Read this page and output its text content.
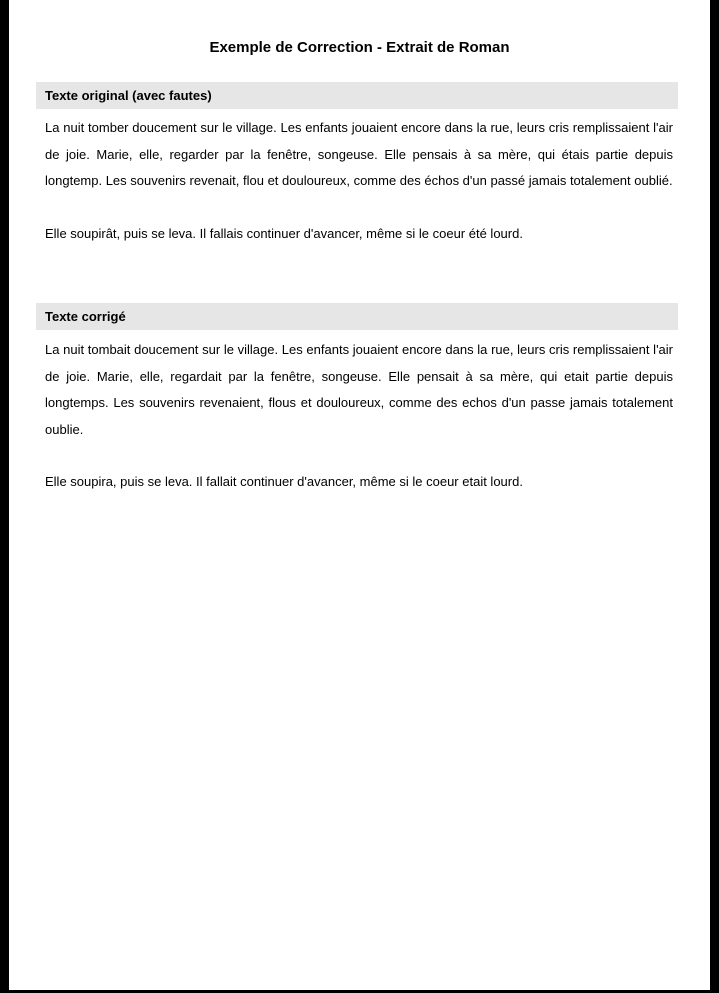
Exemple de Correction - Extrait de Roman
Texte original (avec fautes)

La nuit tomber doucement sur le village. Les enfants jouaient encore dans la rue, leurs cris remplissaient l'air de joie. Marie, elle, regarder par la fenêtre, songeuse. Elle pensais à sa mère, qui étais partie depuis longtemp. Les souvenirs revenait, flou et douloureux, comme des échos d'un passé jamais totalement oublié.

Elle soupirât, puis se leva. Il fallais continuer d'avancer, même si le coeur été lourd.

Texte corrigé

La nuit tombait doucement sur le village. Les enfants jouaient encore dans la rue, leurs cris remplissaient l'air de joie. Marie, elle, regardait par la fenêtre, songeuse. Elle pensait à sa mère, qui etait partie depuis longtemps. Les souvenirs revenaient, flous et douloureux, comme des echos d'un passe jamais totalement oublie.

Elle soupira, puis se leva. Il fallait continuer d'avancer, même si le coeur etait lourd.
